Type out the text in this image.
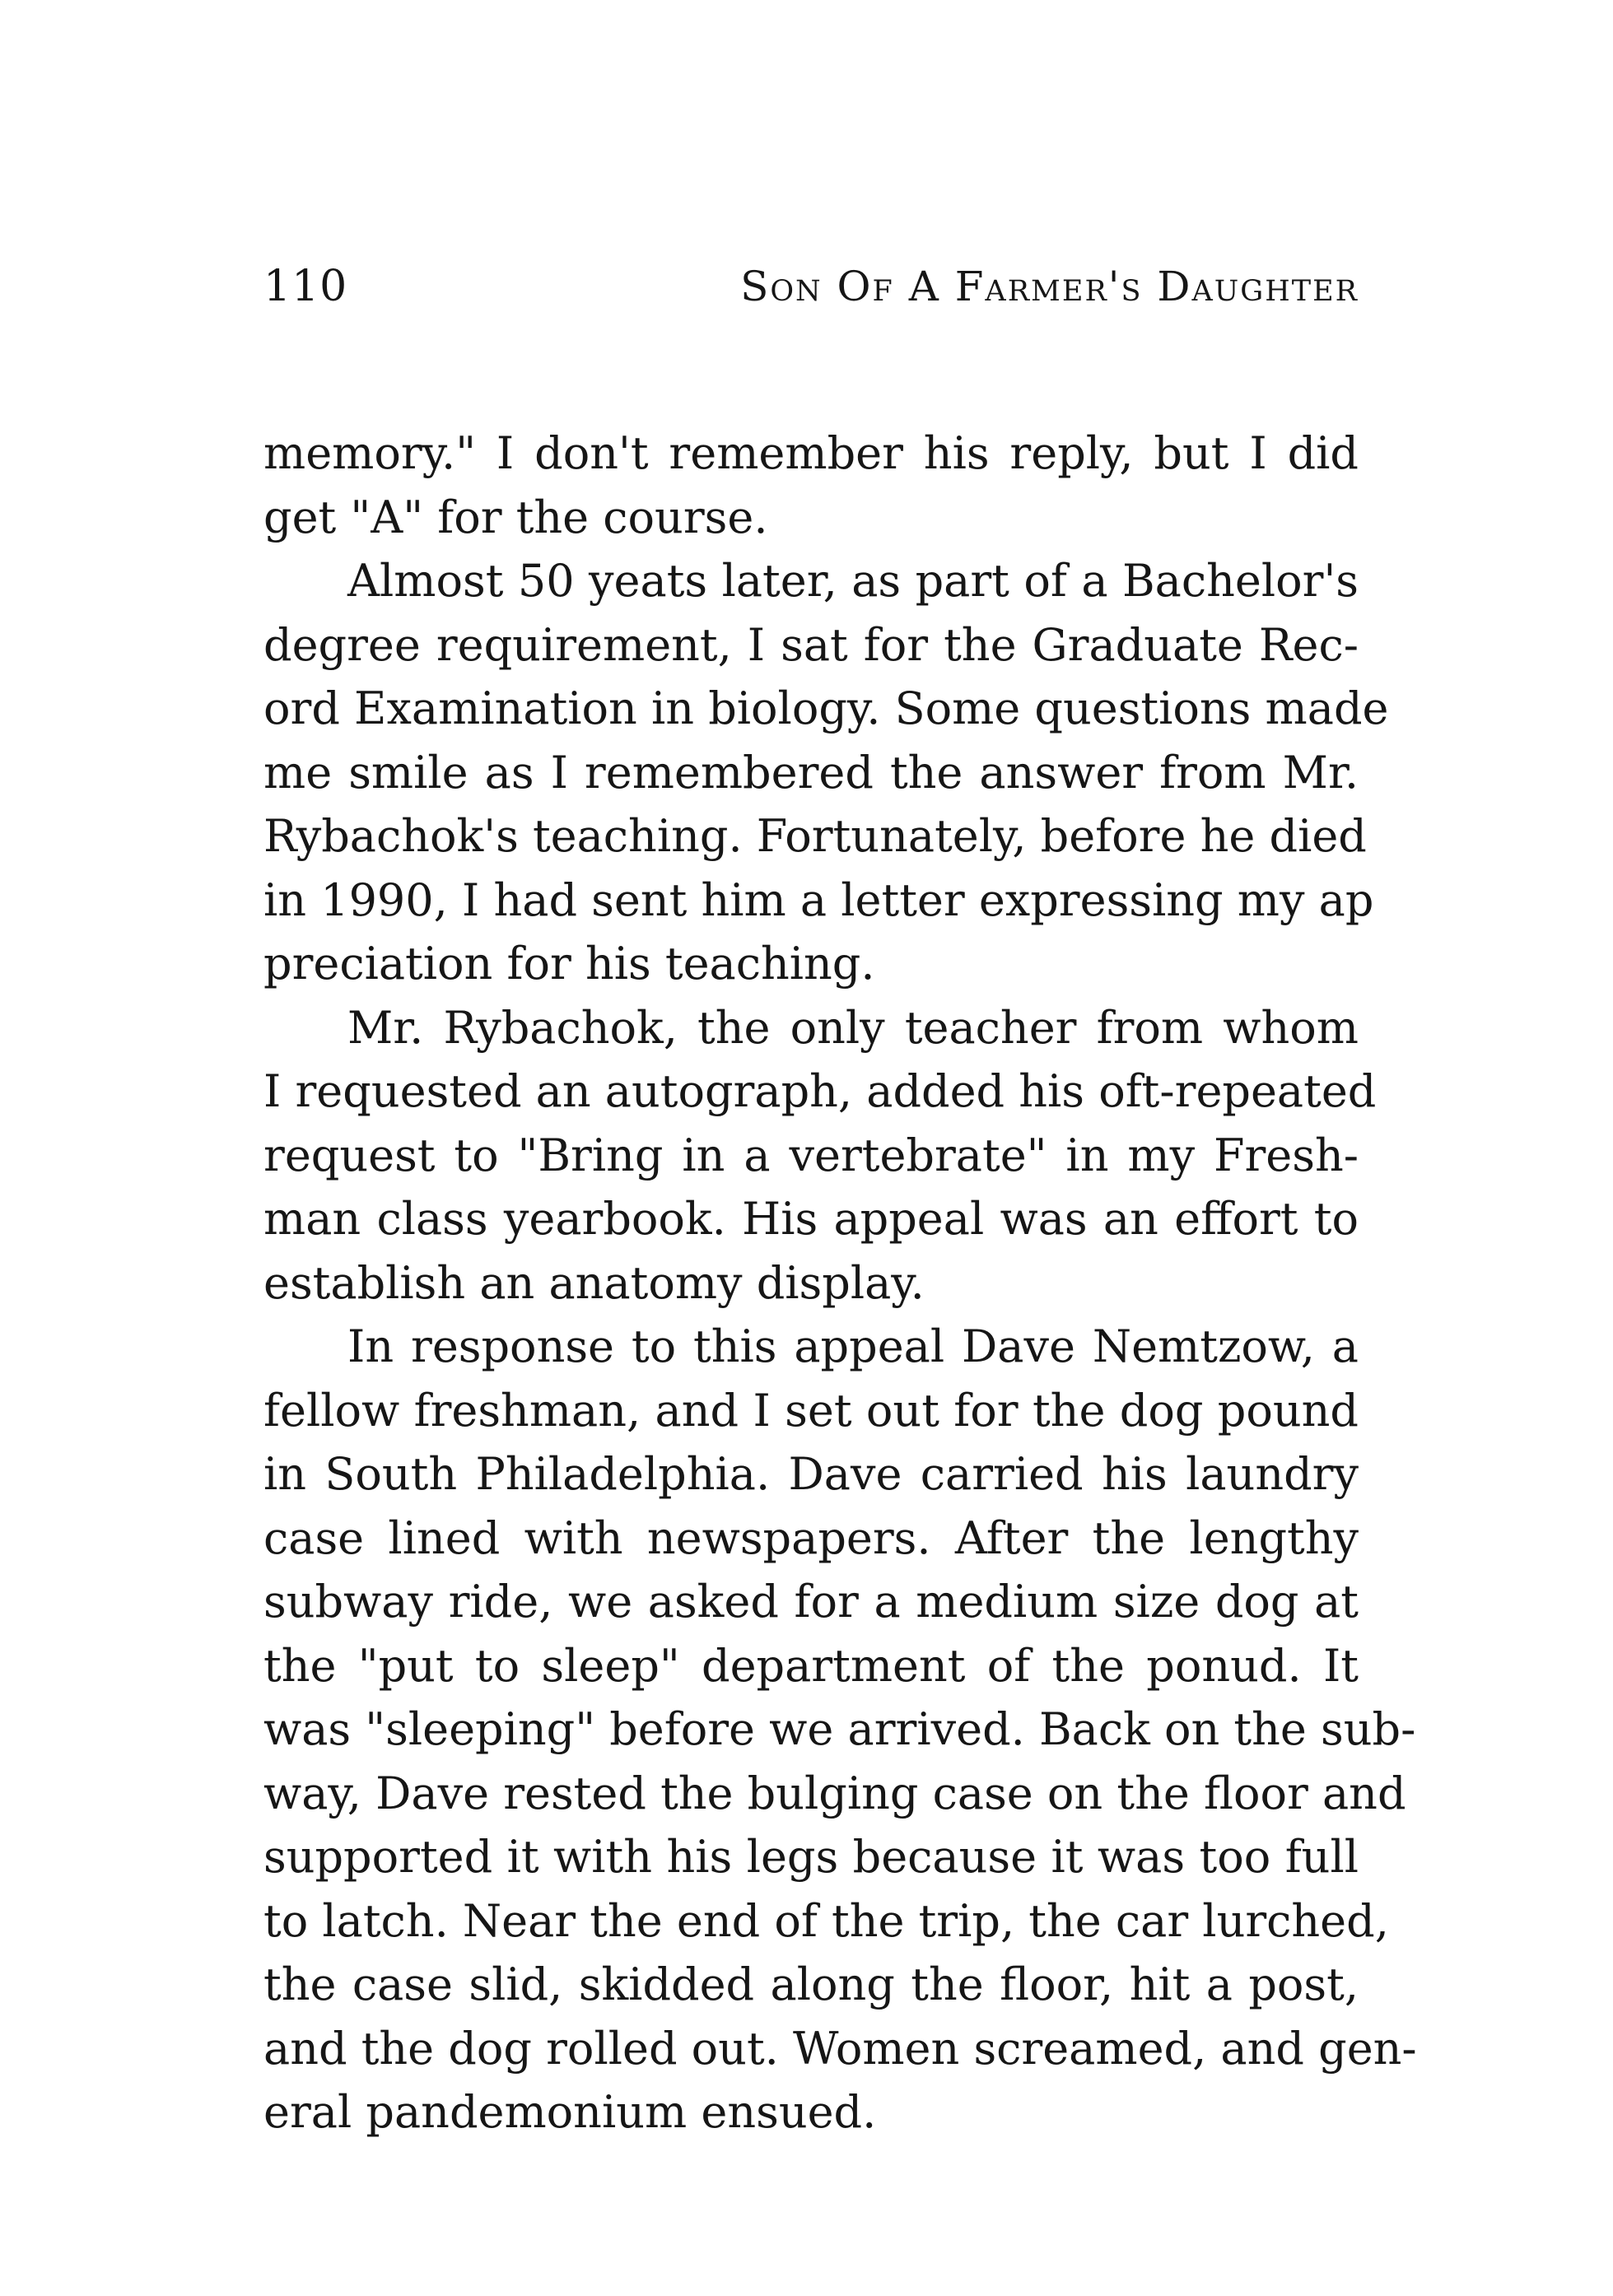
110	Son Of A Farmer's Daughter
memory." I don't remember his reply, but I did
get "A" for the course.
Almost 50 yeats later, as part of a Bachelor's
degree requirement, I sat for the Graduate Rec-
ord Examination in biology. Some questions made
me smile as I remembered the answer from Mr.
Rybachok's teaching. Fortunately, before he died
in 1990, I had sent him a letter expressing my ap
preciation for his teaching.
Mr. Rybachok, the only teacher from whom
I requested an autograph, added his oft-repeated
request to "Bring in a vertebrate" in my Fresh-
man class yearbook. His appeal was an effort to
establish an anatomy display.
In response to this appeal Dave Nemtzow, a
fellow freshman, and I set out for the dog pound
in South Philadelphia. Dave carried his laundry
case lined with newspapers. After the lengthy
subway ride, we asked for a medium size dog at
the "put to sleep" department of the ponud. It
was "sleeping" before we arrived. Back on the sub-
way, Dave rested the bulging case on the floor and
supported it with his legs because it was too full
to latch. Near the end of the trip, the car lurched,
the case slid, skidded along the floor, hit a post,
and the dog rolled out. Women screamed, and gen-
eral pandemonium ensued.
